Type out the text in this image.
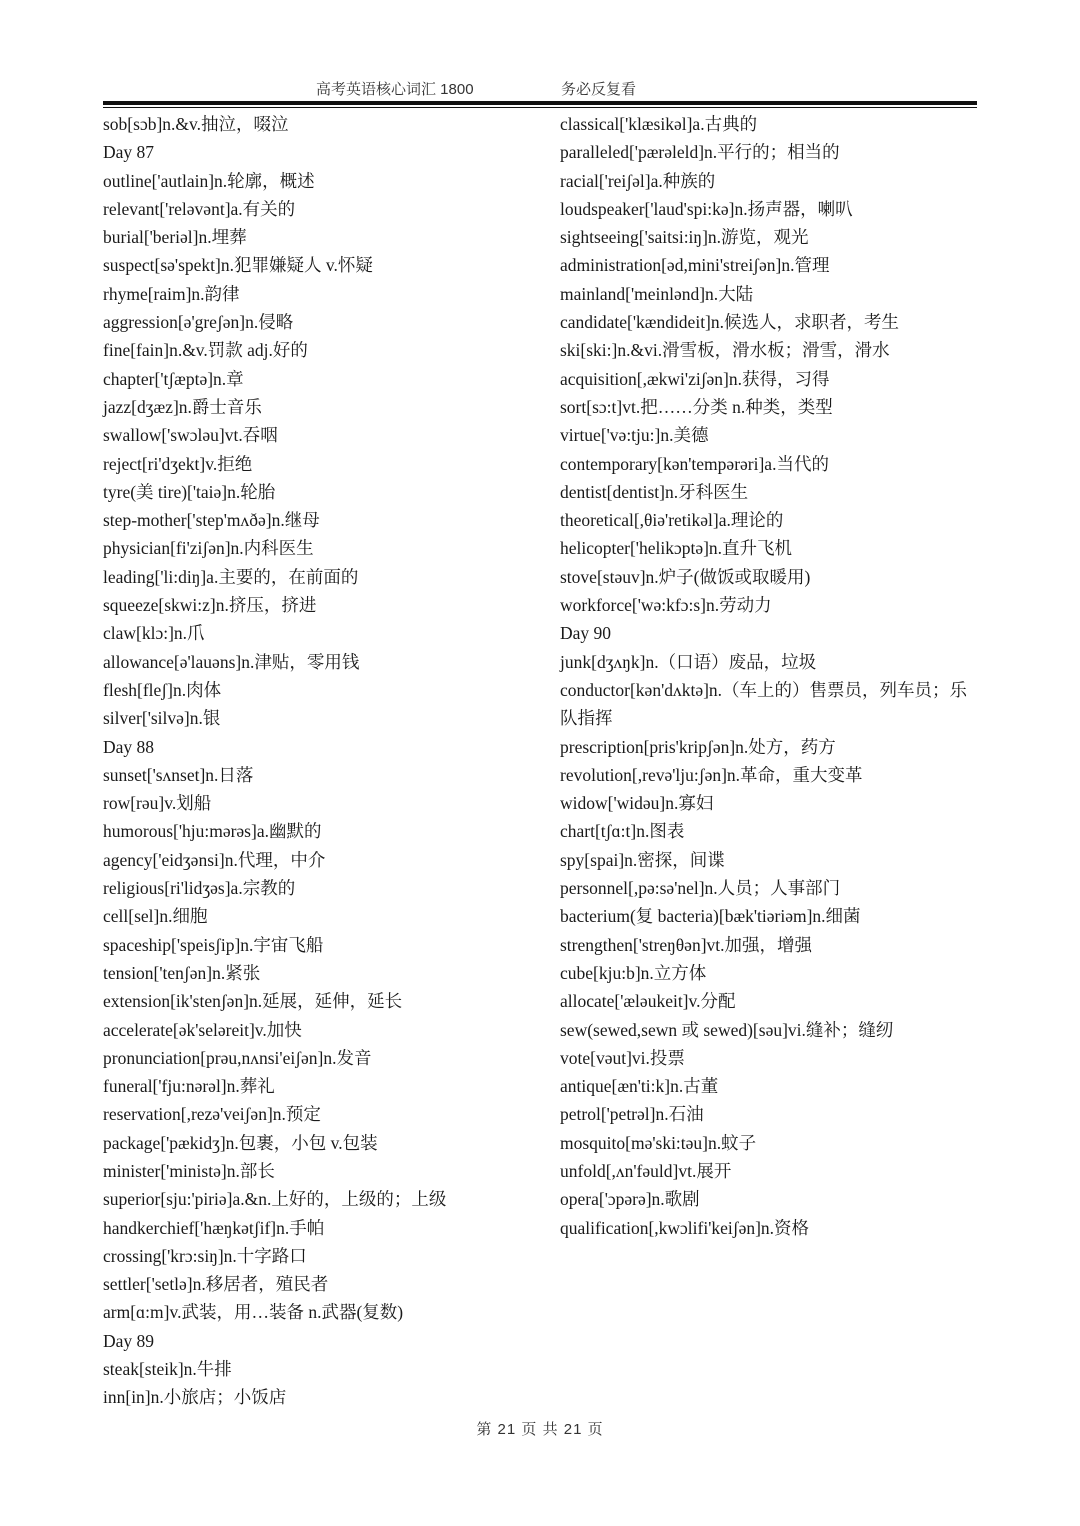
高考英语核心词汇 1800	务必反复看
sob[sɔb]n.&v.抽泣，啜泣
Day 87
outline['autlain]n.轮廓，概述
relevant['reləvənt]a.有关的
burial['beriəl]n.埋葬
suspect[sə'spekt]n.犯罪嫌疑人 v.怀疑
rhyme[raim]n.韵律
aggression[ə'greʃən]n.侵略
fine[fain]n.&v.罚款 adj.好的
chapter['tʃæptə]n.章
jazz[dʒæz]n.爵士音乐
swallow['swɔləu]vt.吞咽
reject[ri'dʒekt]v.拒绝
tyre(美 tire)['taiə]n.轮胎
step-mother['step'mʌðə]n.继母
physician[fi'ziʃən]n.内科医生
leading['li:diŋ]a.主要的，在前面的
squeeze[skwi:z]n.挤压，挤进
claw[klɔ:]n.爪
allowance[ə'lauəns]n.津贴，零用钱
flesh[fleʃ]n.肉体
silver['silvə]n.银
Day 88
sunset['sʌnset]n.日落
row[rəu]v.划船
humorous['hju:mərəs]a.幽默的
agency['eidʒənsi]n.代理，中介
religious[ri'lidʒəs]a.宗教的
cell[sel]n.细胞
spaceship['speisʃip]n.宇宙飞船
tension['tenʃən]n.紧张
extension[ik'stenʃən]n.延展，延伸，延长
accelerate[ək'seləreit]v.加快
pronunciation[prəu,nʌnsi'eiʃən]n.发音
funeral['fju:nərəl]n.葬礼
reservation[,rezə'veiʃən]n.预定
package['pækidʒ]n.包裹，小包 v.包装
minister['ministə]n.部长
superior[sju:'piriə]a.&n.上好的，上级的；上级
handkerchief['hæŋkətʃif]n.手帕
crossing['krɔ:siŋ]n.十字路口
settler['setlə]n.移居者，殖民者
arm[ɑ:m]v.武装，用…装备 n.武器(复数)
Day 89
steak[steik]n.牛排
inn[in]n.小旅店；小饭店
classical['klæsikəl]a.古典的
paralleled['pærəleld]n.平行的；相当的
racial['reiʃəl]a.种族的
loudspeaker['laud'spi:kə]n.扬声器，喇叭
sightseeing['saitsi:iŋ]n.游览，观光
administration[əd,mini'streiʃən]n.管理
mainland['meinlənd]n.大陆
candidate['kændideit]n.候选人，求职者，考生
ski[ski:]n.&vi.滑雪板，滑水板；滑雪，滑水
acquisition[,ækwi'ziʃən]n.获得，习得
sort[sɔ:t]vt.把……分类 n.种类，类型
virtue['və:tju:]n.美德
contemporary[kən'tempərəri]a.当代的
dentist[dentist]n.牙科医生
theoretical[,θiə'retikəl]a.理论的
helicopter['helikɔptə]n.直升飞机
stove[stəuv]n.炉子(做饭或取暖用)
workforce['wə:kfɔ:s]n.劳动力
Day 90
junk[dʒʌŋk]n.（口语）废品，垃圾
conductor[kən'dʌktə]n.（车上的）售票员，列车员；乐队指挥
prescription[pris'kripʃən]n.处方，药方
revolution[,revə'lju:ʃən]n.革命，重大变革
widow['widəu]n.寡妇
chart[tʃɑ:t]n.图表
spy[spai]n.密探，间谍
personnel[,pə:sə'nel]n.人员；人事部门
bacterium(复 bacteria)[bæk'tiəriəm]n.细菌
strengthen['streŋθən]vt.加强，增强
cube[kju:b]n.立方体
allocate['æləukeit]v.分配
sew(sewed,sewn 或 sewed)[səu]vi.缝补；缝纫
vote[vəut]vi.投票
antique[æn'ti:k]n.古董
petrol['petrəl]n.石油
mosquito[mə'ski:təu]n.蚊子
unfold[,ʌn'fəuld]vt.展开
opera['ɔpərə]n.歌剧
qualification[,kwɔlifi'keiʃən]n.资格
第 21 页 共 21 页
